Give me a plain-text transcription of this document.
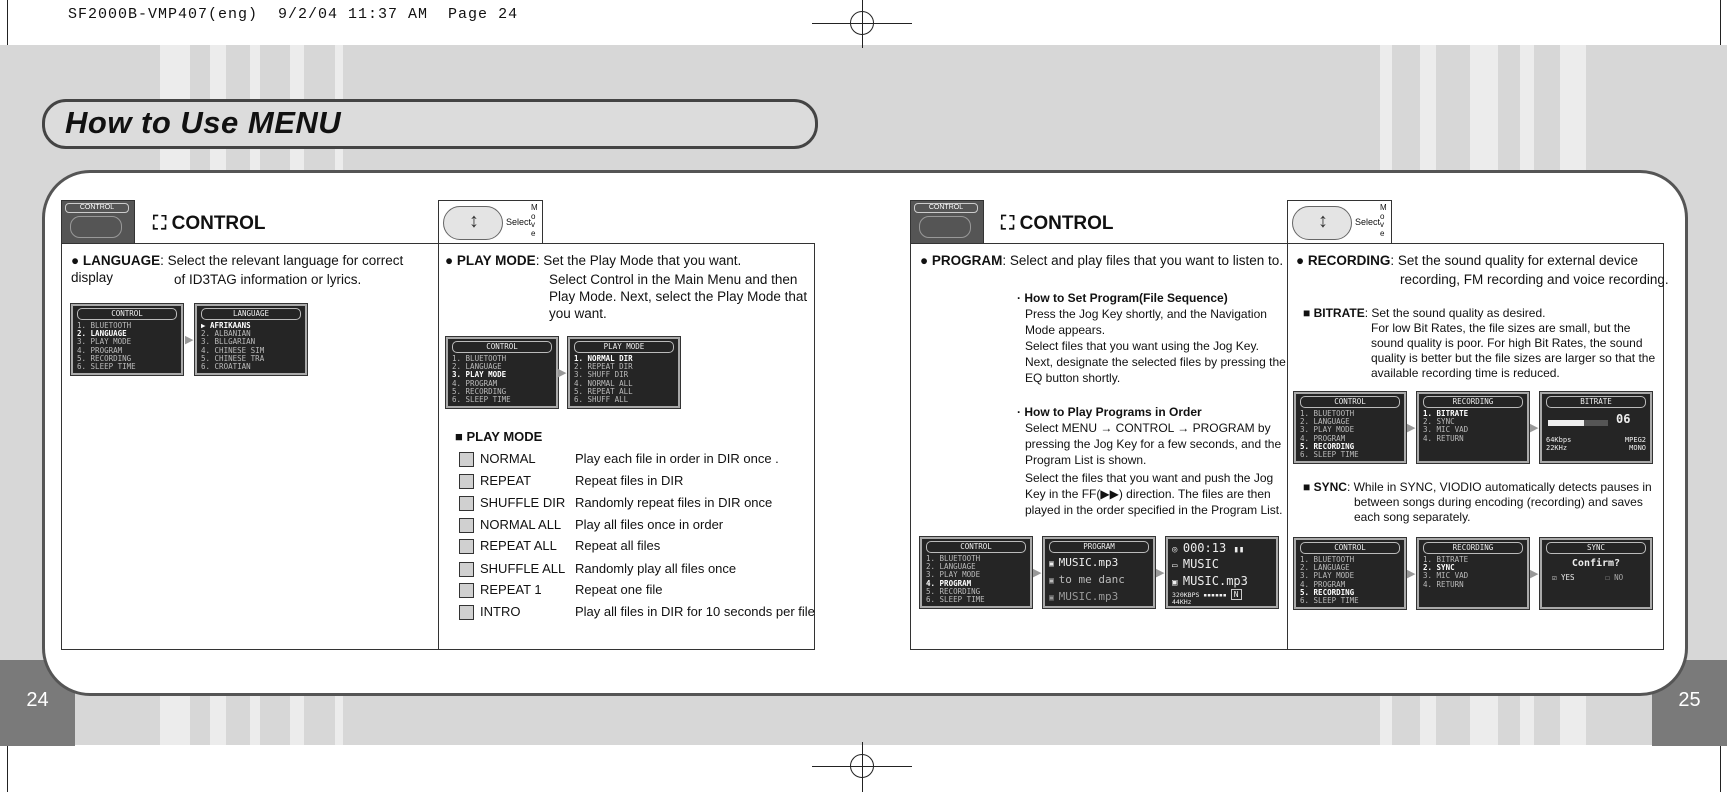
SF2000B-VMP407(eng)  9/2/04 11:37 AM  Page 24
How to Use MENU
24	25
CONTROL
⛶ CONTROL	↕	Select
M
o
v
e
● LANGUAGE: Select the relevant language for correct display	of ID3TAG information or lyrics.
CONTROL
1. BLUETOOTH
2. LANGUAGE
3. PLAY MODE
4. PROGRAM
5. RECORDING
6. SLEEP TIME
▶
LANGUAGE
▶ AFRIKAANS
2. ALBANIAN
3. BLLGARIAN
4. CHINESE SIM
5. CHINESE TRA
6. CROATIAN
● PLAY MODE: Set the Play Mode that you want.
Select Control in the Main Menu and then
Play Mode. Next, select the Play Mode that
you want.
CONTROL
1. BLUETOOTH
2. LANGUAGE
3. PLAY MODE
4. PROGRAM
5. RECORDING
6. SLEEP TIME
▶
PLAY MODE
1. NORMAL DIR
2. REPEAT DIR
3. SHUFF DIR
4. NORMAL ALL
5. REPEAT ALL
6. SHUFF ALL
■ PLAY MODE
NORMAL	Play each file in order in DIR once .
REPEAT	Repeat files in DIR
SHUFFLE DIR Randomly repeat files in DIR once
NORMAL ALL Play all files once in order
REPEAT ALL Repeat all files
SHUFFLE ALL Randomly play all files once
REPEAT 1	Repeat one file
INTRO	Play all files in DIR for 10 seconds per file
CONTROL
⛶ CONTROL	↕	Select
M
o
v
e
● PROGRAM: Select and play files that you want to listen to.
· How to Set Program(File Sequence)
Press the Jog Key shortly, and the Navigation
Mode appears.
Select files that you want using the Jog Key.
Next, designate the selected files by pressing the
EQ button shortly.
· How to Play Programs in Order
Select MENU → CONTROL → PROGRAM by
pressing the Jog Key for a few seconds, and the
Program List is shown.
Select the files that you want and push the Jog
Key in the FF(▶▶) direction. The files are then
played in the order specified in the Program List.
CONTROL
1. BLUETOOTH
2. LANGUAGE
3. PLAY MODE
4. PROGRAM
5. RECORDING
6. SLEEP TIME
▶
PROGRAM
▣ MUSIC.mp3
▣ to me danc
▣ MUSIC.mp3
▶
◎ 000:13 ▮▮
▭ MUSIC
▣ MUSIC.mp3
320KBPS ▪▪▪▪▪▪ N
44KHz
● RECORDING: Set the sound quality for external device
recording, FM recording and voice recording.
■ BITRATE: Set the sound quality as desired.
For low Bit Rates, the file sizes are small, but the
sound quality is poor. For high Bit Rates, the sound
quality is better but the file sizes are larger so that the
available recording time is reduced.
CONTROL
1. BLUETOOTH
2. LANGUAGE
3. PLAY MODE
4. PROGRAM
5. RECORDING
6. SLEEP TIME
▶
RECORDING
1. BITRATE
2. SYNC
3. MIC VAD
4. RETURN
▶
BITRATE
06
64Kbps	MPEG2

22KHz	MONO
■ SYNC: While in SYNC, VIODIO automatically detects pauses in
between songs during encoding (recording) and saves
each song separately.
CONTROL
1. BLUETOOTH
2. LANGUAGE
3. PLAY MODE
4. PROGRAM
5. RECORDING
6. SLEEP TIME
▶
RECORDING
1. BITRATE
2. SYNC
3. MIC VAD
4. RETURN
▶
SYNC
Confirm?
☑ YES	☐ NO
